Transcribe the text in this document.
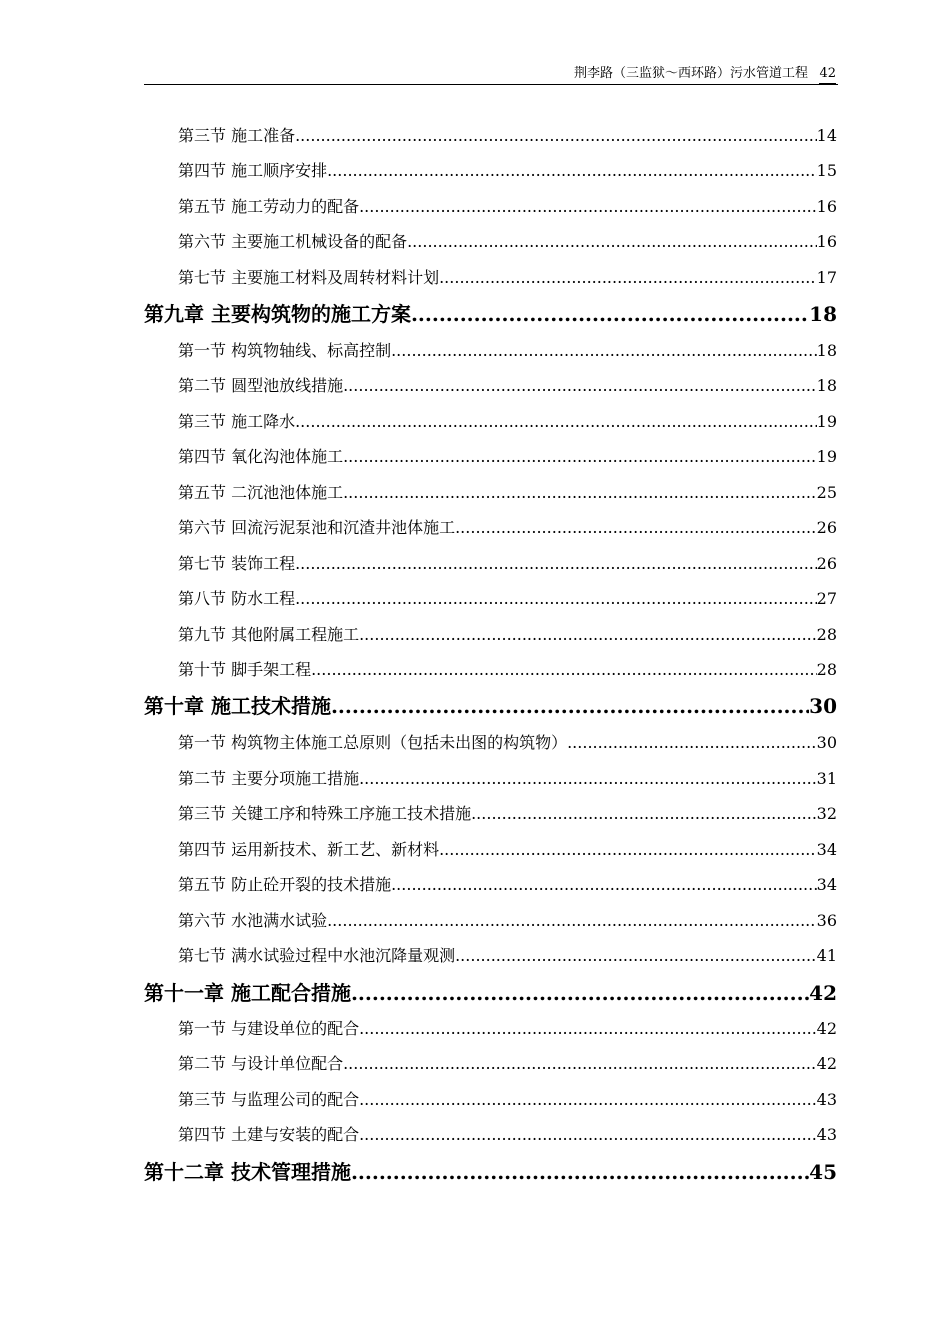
荆李路（三监狱～西环路）污水管道工程 42
第三节 施工准备 .....	14
第四节 施工顺序安排 .....	15
第五节 施工劳动力的配备 .....	16
第六节 主要施工机械设备的配备 .....	16
第七节 主要施工材料及周转材料计划 .....	17
第九章 主要构筑物的施工方案 .....	18
第一节 构筑物轴线、标高控制 .....	18
第二节 圆型池放线措施 .....	18
第三节 施工降水 .....	19
第四节 氧化沟池体施工 .....	19
第五节 二沉池池体施工 .....	25
第六节 回流污泥泵池和沉渣井池体施工 .....	26
第七节 装饰工程 .....	26
第八节 防水工程 .....	27
第九节 其他附属工程施工 .....	28
第十节 脚手架工程 .....	28
第十章 施工技术措施 .....	30
第一节 构筑物主体施工总原则（包括未出图的构筑物） .....	30
第二节 主要分项施工措施 .....	31
第三节 关键工序和特殊工序施工技术措施 .....	32
第四节 运用新技术、新工艺、新材料 .....	34
第五节 防止砼开裂的技术措施 .....	34
第六节 水池满水试验 .....	36
第七节 满水试验过程中水池沉降量观测 .....	41
第十一章 施工配合措施 .....	42
第一节 与建设单位的配合 .....	42
第二节 与设计单位配合 .....	42
第三节 与监理公司的配合 .....	43
第四节 土建与安装的配合 .....	43
第十二章 技术管理措施 .....	45
